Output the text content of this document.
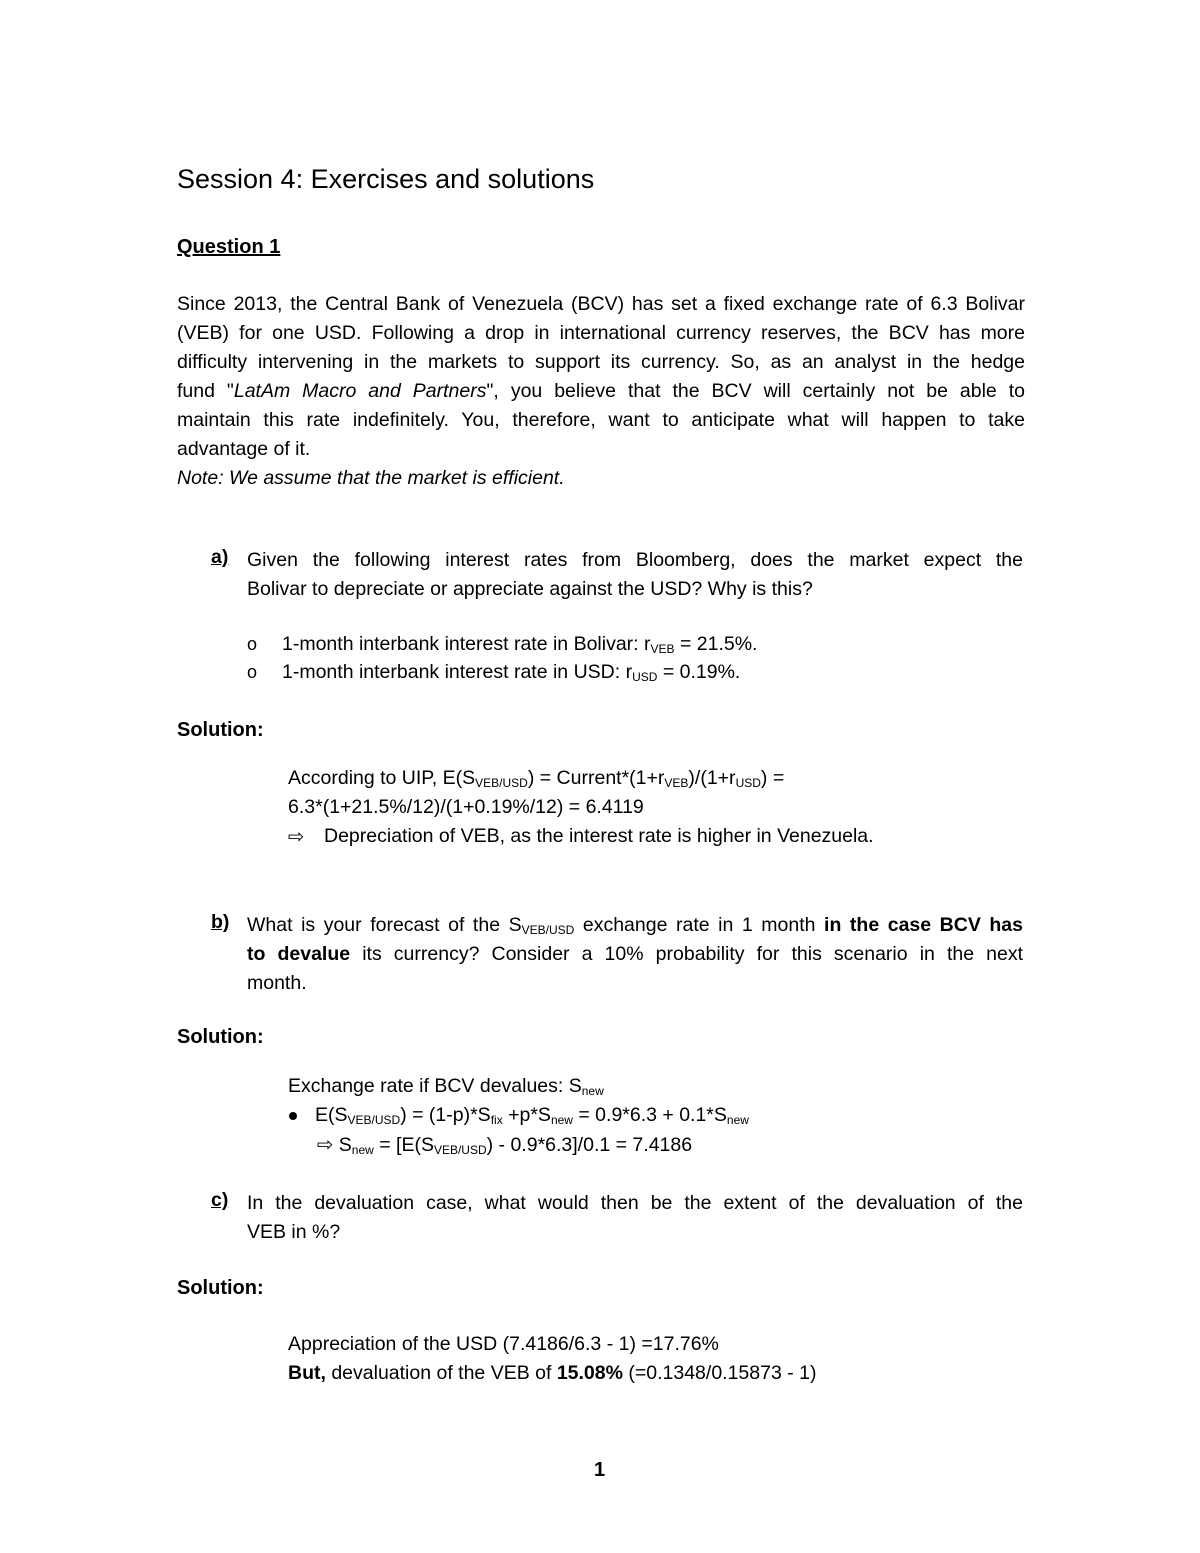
Session 4: Exercises and solutions
Question 1
Since 2013, the Central Bank of Venezuela (BCV) has set a fixed exchange rate of 6.3 Bolivar
(VEB) for one USD. Following a drop in international currency reserves, the BCV has more
difficulty intervening in the markets to support its currency. So, as an analyst in the hedge
fund "LatAm Macro and Partners", you believe that the BCV will certainly not be able to
maintain this rate indefinitely. You, therefore, want to anticipate what will happen to take
advantage of it.
Note: We assume that the market is efficient.
a) Given the following interest rates from Bloomberg, does the market expect the
Bolivar to depreciate or appreciate against the USD? Why is this?
o 1-month interbank interest rate in Bolivar: $r_{VEB} = 21.5\%$.
o 1-month interbank interest rate in USD: $r_{USD} = 0.19\%$.
Solution:
According to UIP, $E(S_{VEB/USD})$ = $Current*(1+r_{VEB})/(1+r_{USD})$ =
6.3*(1+21.5%/12)/(1+0.19%/12) = 6.4119
⇨ Depreciation of VEB, as the interest rate is higher in Venezuela.
b) What is your forecast of the $S_{VEB/USD}$ exchange rate in 1 month in the case BCV has
to devalue its currency? Consider a 10% probability for this scenario in the next
month.
Solution:
Exchange rate if BCV devalues: $S_{new}$
$E(S_{VEB/USD}) = (1-p)*S_{fix} +p*S_{new} = 0.9*6.3 + 0.1*S_{new}$
⇨ $S_{new} = [E(S_{VEB/USD}) - 0.9*6.3]/0.1 = 7.4186$
c) In the devaluation case, what would then be the extent of the devaluation of the
VEB in %?
Solution:
Appreciation of the USD (7.4186/6.3 - 1) =17.76%
But, devaluation of the VEB of 15.08% (=0.1348/0.15873 - 1)
1
